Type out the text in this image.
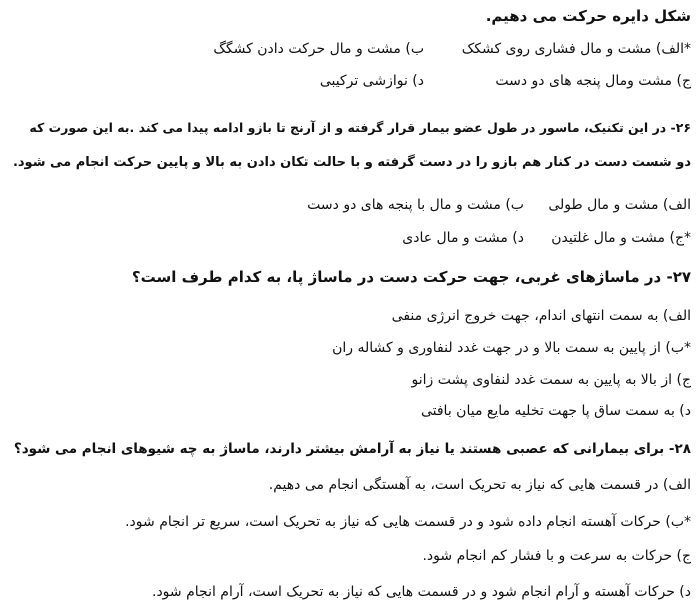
شکل دایره حرکت می دهیم.
*الف) مشت و مال فشاری روی کشکک
ب) مشت و مال حرکت دادن کشگگ
ج) مشت ومال پنجه های دو دست
د) نوازشی ترکیبی
۲۶- در این تکنیک، ماسور در طول عضو بیمار قرار گرفته و از آرنج تا بازو ادامه پیدا می کند .به این صورت که
دو شست دست در کنار هم بازو را در دست گرفته و با حالت تکان دادن به بالا و پایین حرکت انجام می شود.
الف) مشت و مال طولی
ب) مشت و مال با پنجه های دو دست
*ج) مشت و مال غلتیدن
د) مشت و مال عادی
۲۷- در ماساژهای غربی، جهت حرکت دست در ماساژ پا، به کدام طرف است؟
الف) به سمت انتهای اندام، جهت خروج انرژی منفی
*ب) از پایین به سمت بالا و در جهت غدد لنفاوری و کشاله ران
ج) از بالا به پایین به سمت غدد لنفاوی پشت زانو
د) به سمت ساق پا جهت تخلیه مایع میان بافتی
۲۸- برای بیمارانی که عصبی هستند یا نیاز به آرامش بیشتر دارند، ماساژ به چه شیوهای انجام می شود؟
الف) در قسمت هایی که نیاز به تحریک است، به آهستگی انجام می دهیم.
*ب) حرکات آهسته انجام داده شود و در قسمت هایی که نیاز به تحریک است، سریع تر انجام شود.
ج) حرکات به سرعت و با فشار کم انجام شود.
د) حرکات آهسته و آرام انجام شود و در قسمت هایی که نیاز به تحریک است، آرام انجام شود.
